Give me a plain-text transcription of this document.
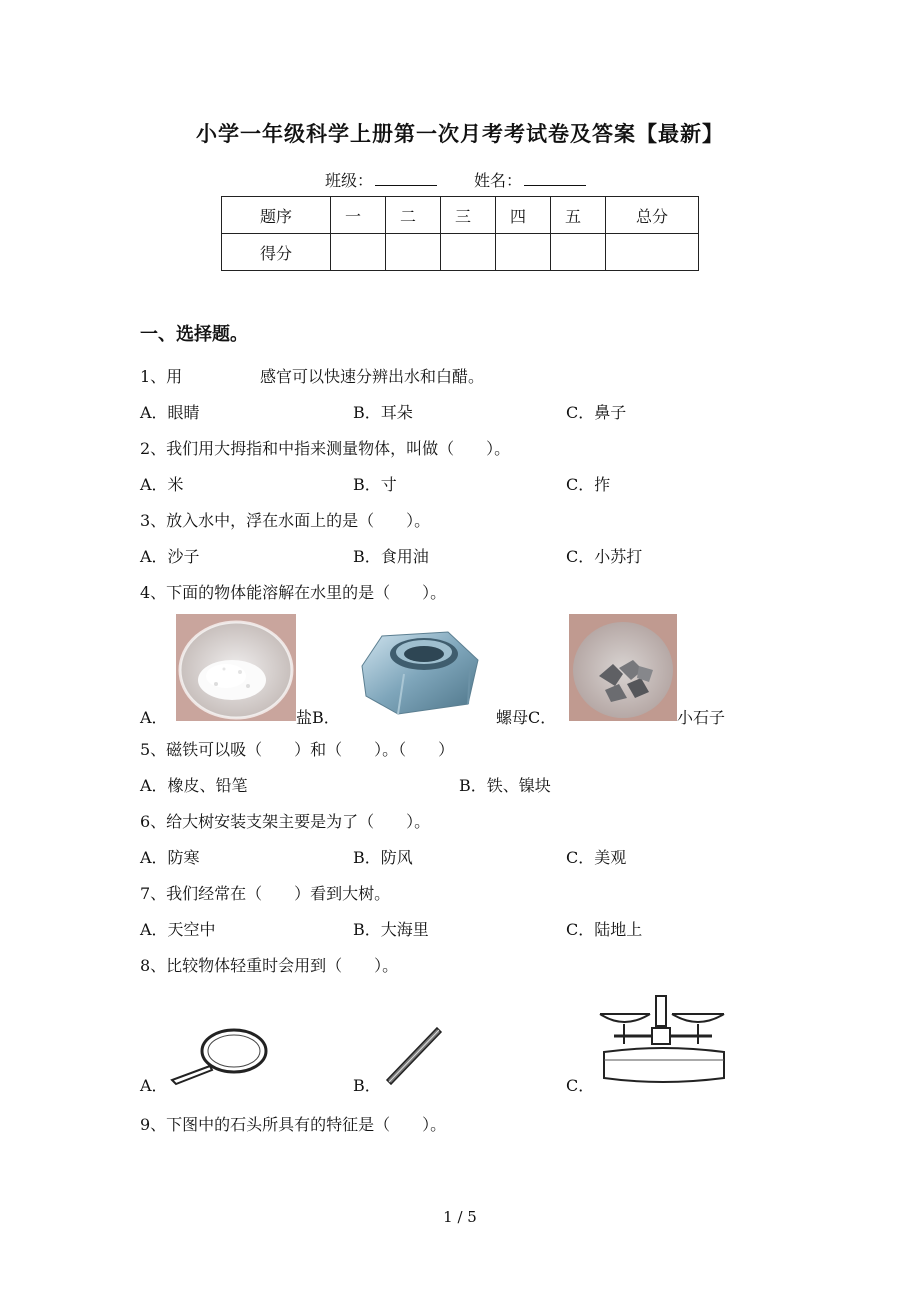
小学一年级科学上册第一次月考考试卷及答案【最新】
班级：	姓名：
题序	一	二	三	四	五	总分
得分						
一、选择题。
1、用	感官可以快速分辨出水和白醋。
A．眼睛	B．耳朵	C．鼻子
2、我们用大拇指和中指来测量物体，叫做（　　）。
A．米	B．寸	C．拃
3、放入水中，浮在水面上的是（　　）。
A．沙子	B．食用油	C．小苏打
4、下面的物体能溶解在水里的是（　　）。
A．	盐B．	螺母C．	小石子
5、磁铁可以吸（　　）和（　　）。（　　）
A．橡皮、铅笔	B．铁、镍块
6、给大树安装支架主要是为了（　　）。
A．防寒	B．防风	C．美观
7、我们经常在（　　）看到大树。
A．天空中	B．大海里	C．陆地上
8、比较物体轻重时会用到（　　）。
A．	B．	C．
9、下图中的石头所具有的特征是（　　）。
1 / 5
